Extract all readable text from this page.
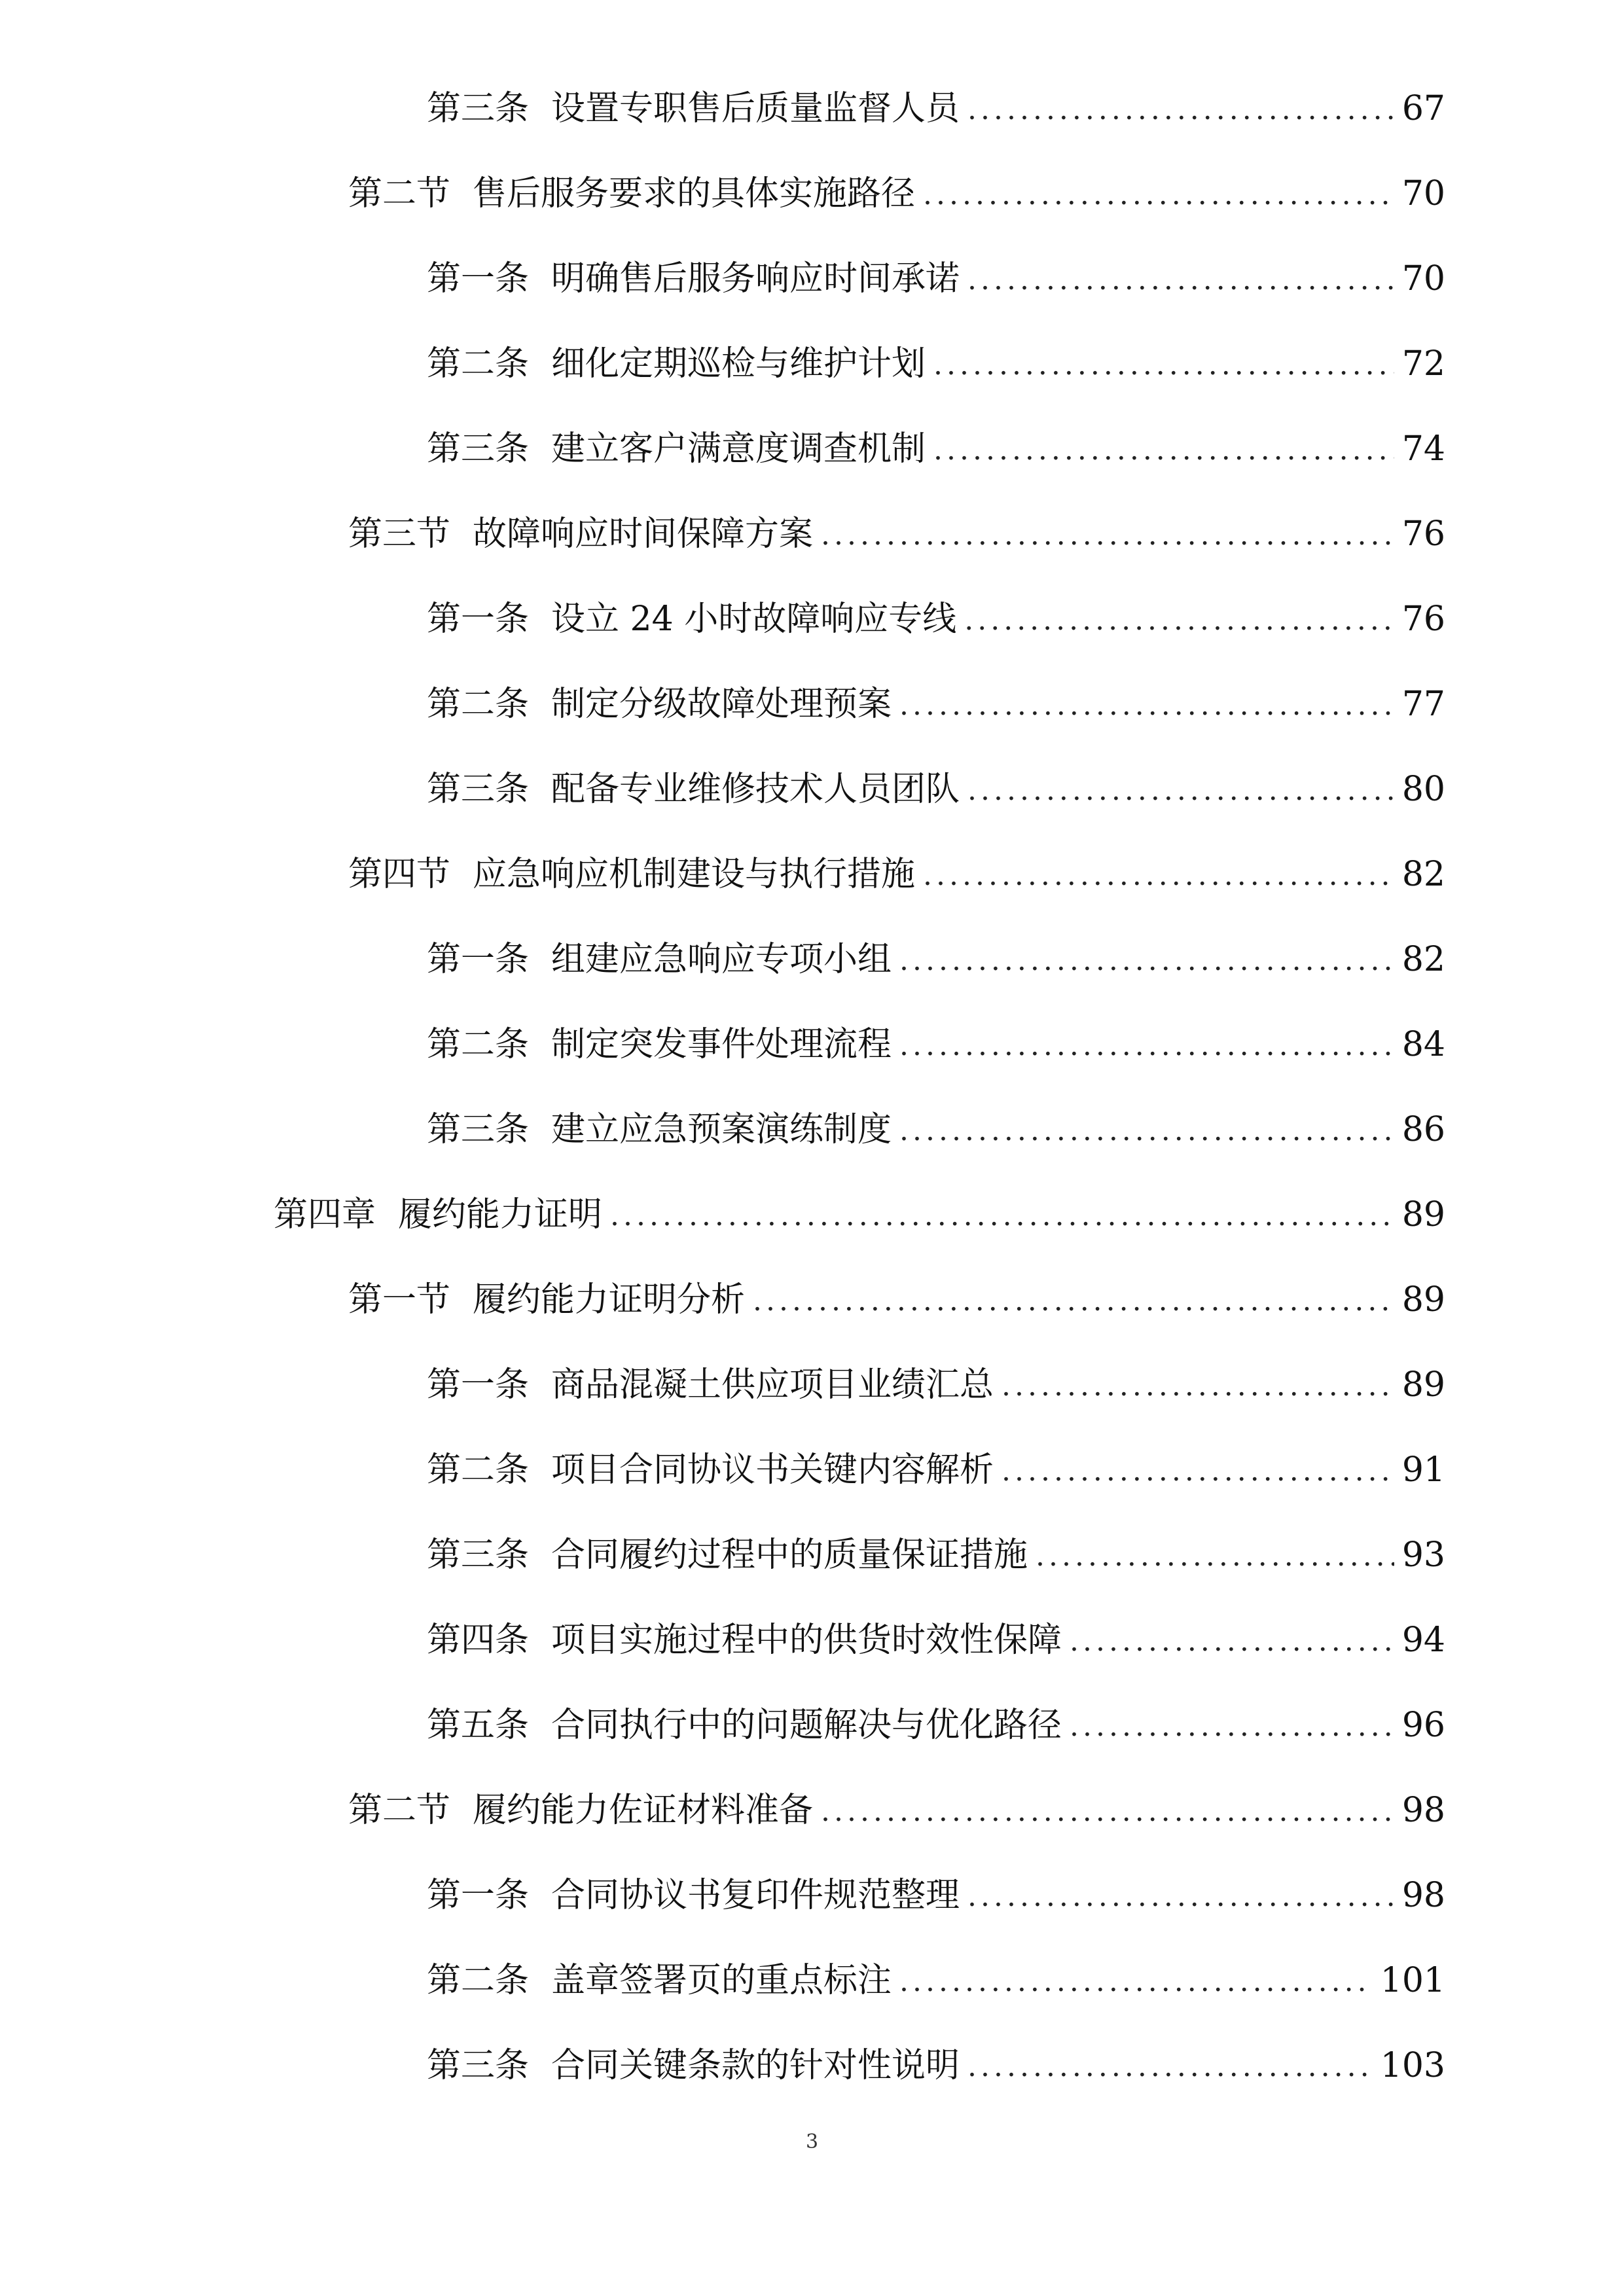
第三条 设置专职售后质量监督人员 .....	67
第二节 售后服务要求的具体实施路径 .....	70
第一条 明确售后服务响应时间承诺 .....	70
第二条 细化定期巡检与维护计划 .....	72
第三条 建立客户满意度调查机制 .....	74
第三节 故障响应时间保障方案 .....	76
第一条 设立 24 小时故障响应专线 .....	76
第二条 制定分级故障处理预案 .....	77
第三条 配备专业维修技术人员团队 .....	80
第四节 应急响应机制建设与执行措施 .....	82
第一条 组建应急响应专项小组 .....	82
第二条 制定突发事件处理流程 .....	84
第三条 建立应急预案演练制度 .....	86
第四章 履约能力证明 .....	89
第一节 履约能力证明分析 .....	89
第一条 商品混凝土供应项目业绩汇总 .....	89
第二条 项目合同协议书关键内容解析 .....	91
第三条 合同履约过程中的质量保证措施 .....	93
第四条 项目实施过程中的供货时效性保障 .....	94
第五条 合同执行中的问题解决与优化路径 .....	96
第二节 履约能力佐证材料准备 .....	98
第一条 合同协议书复印件规范整理 .....	98
第二条 盖章签署页的重点标注 .....	101
第三条 合同关键条款的针对性说明 .....	103
3
